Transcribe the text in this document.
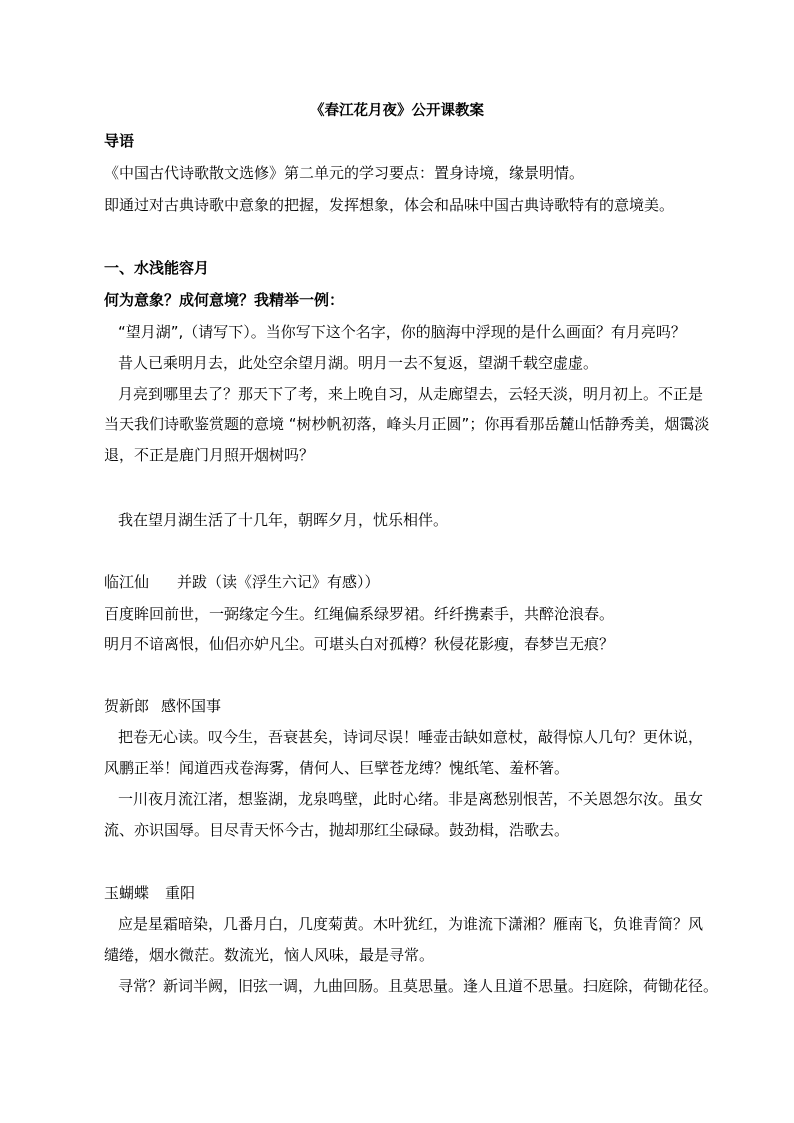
《春江花月夜》公开课教案
导语
《中国古代诗歌散文选修》第二单元的学习要点：置身诗境，缘景明情。
即通过对古典诗歌中意象的把握，发挥想象，体会和品味中国古典诗歌特有的意境美。
一、水浅能容月
何为意象？成何意境？我精举一例：
“望月湖”,（请写下）。当你写下这个名字，你的脑海中浮现的是什么画面？有月亮吗？
昔人已乘明月去，此处空余望月湖。明月一去不复返，望湖千载空虚虚。
月亮到哪里去了？那天下了考，来上晚自习，从走廊望去，云轻天淡，明月初上。不正是
当天我们诗歌鉴赏题的意境 “树杪帆初落，峰头月正圆”；你再看那岳麓山恬静秀美，烟霭淡
退，不正是鹿门月照开烟树吗？
我在望月湖生活了十几年，朝晖夕月，忧乐相伴。
临江仙 并跋（读《浮生六记》有感））
百度眸回前世，一弼缘定今生。红绳偏系绿罗裙。纤纤携素手，共醉沧浪春。
明月不谙离恨，仙侣亦妒凡尘。可堪头白对孤樽？秋侵花影瘦，春梦岂无痕？
贺新郎 感怀国事
把卷无心读。叹今生，吾衰甚矣，诗词尽误！唾壶击缺如意杖，敲得惊人几句？更休说，
风鹏正举！闻道西戎卷海雾，倩何人、巨擘苍龙缚？愧纸笔、羞杯箸。
一川夜月流江渚，想鉴湖，龙泉鸣壁，此时心绪。非是离愁别恨苦，不关恩怨尔汝。虽女
流、亦识国辱。目尽青天怀今古，抛却那红尘碌碌。鼓劲楫，浩歌去。
玉蝴蝶 重阳
应是星霜暗染，几番月白，几度菊黄。木叶犹红，为谁流下潇湘？雁南飞，负谁青简？风
缱绻，烟水微茫。数流光，恼人风味，最是寻常。
寻常？新词半阙，旧弦一调，九曲回肠。且莫思量。逢人且道不思量。扫庭除，荷锄花径。
